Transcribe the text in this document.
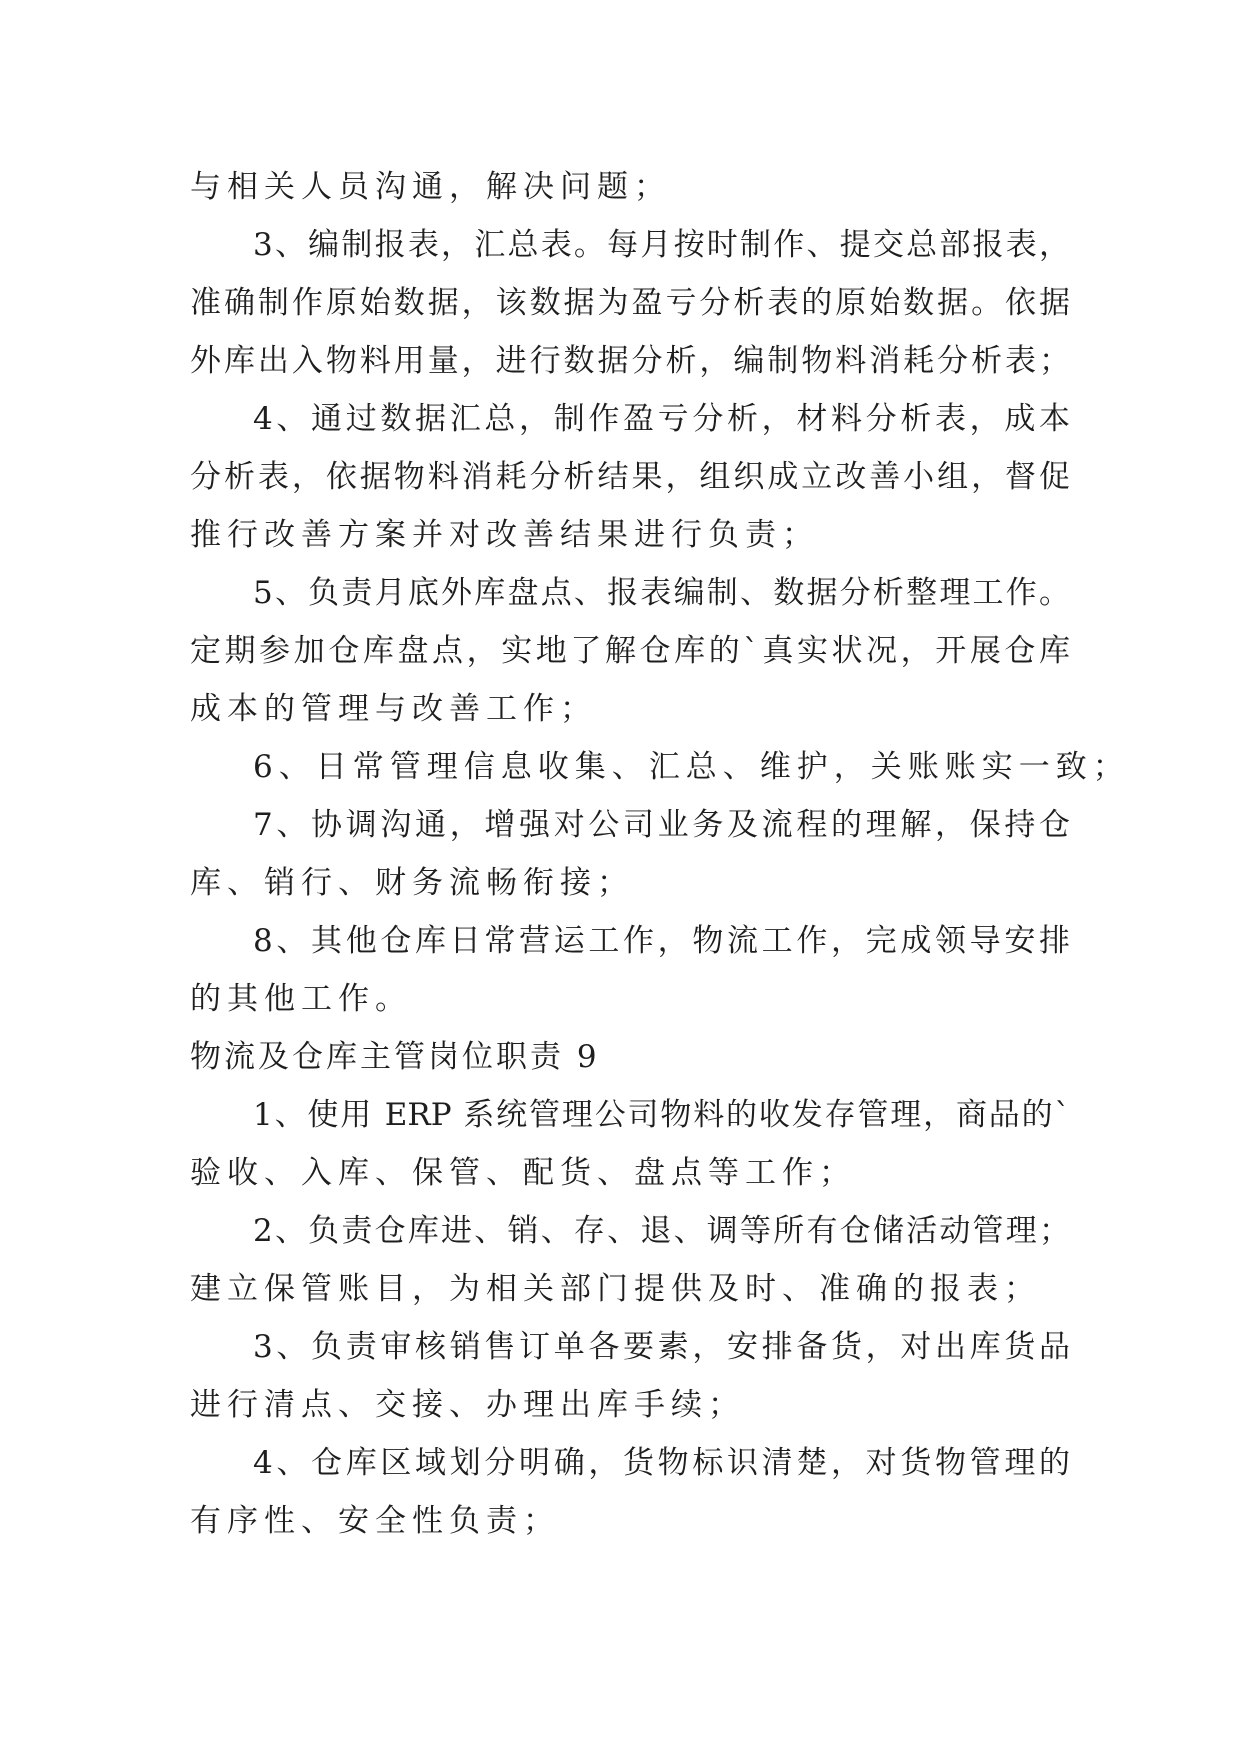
与相关人员沟通，解决问题；
3、编制报表，汇总表。每月按时制作、提交总部报表，
准确制作原始数据，该数据为盈亏分析表的原始数据。依据
外库出入物料用量，进行数据分析，编制物料消耗分析表；
4、通过数据汇总，制作盈亏分析，材料分析表，成本
分析表，依据物料消耗分析结果，组织成立改善小组，督促
推行改善方案并对改善结果进行负责；
5、负责月底外库盘点、报表编制、数据分析整理工作。
定期参加仓库盘点，实地了解仓库的`真实状况，开展仓库
成本的管理与改善工作；
6、日常管理信息收集、汇总、维护，关账账实一致；
7、协调沟通，增强对公司业务及流程的理解，保持仓
库、销行、财务流畅衔接；
8、其他仓库日常营运工作，物流工作，完成领导安排
的其他工作。
物流及仓库主管岗位职责 9
1、使用 ERP 系统管理公司物料的收发存管理，商品的`
验收、入库、保管、配货、盘点等工作；
2、负责仓库进、销、存、退、调等所有仓储活动管理；
建立保管账目，为相关部门提供及时、准确的报表；
3、负责审核销售订单各要素，安排备货，对出库货品
进行清点、交接、办理出库手续；
4、仓库区域划分明确，货物标识清楚，对货物管理的
有序性、安全性负责；
